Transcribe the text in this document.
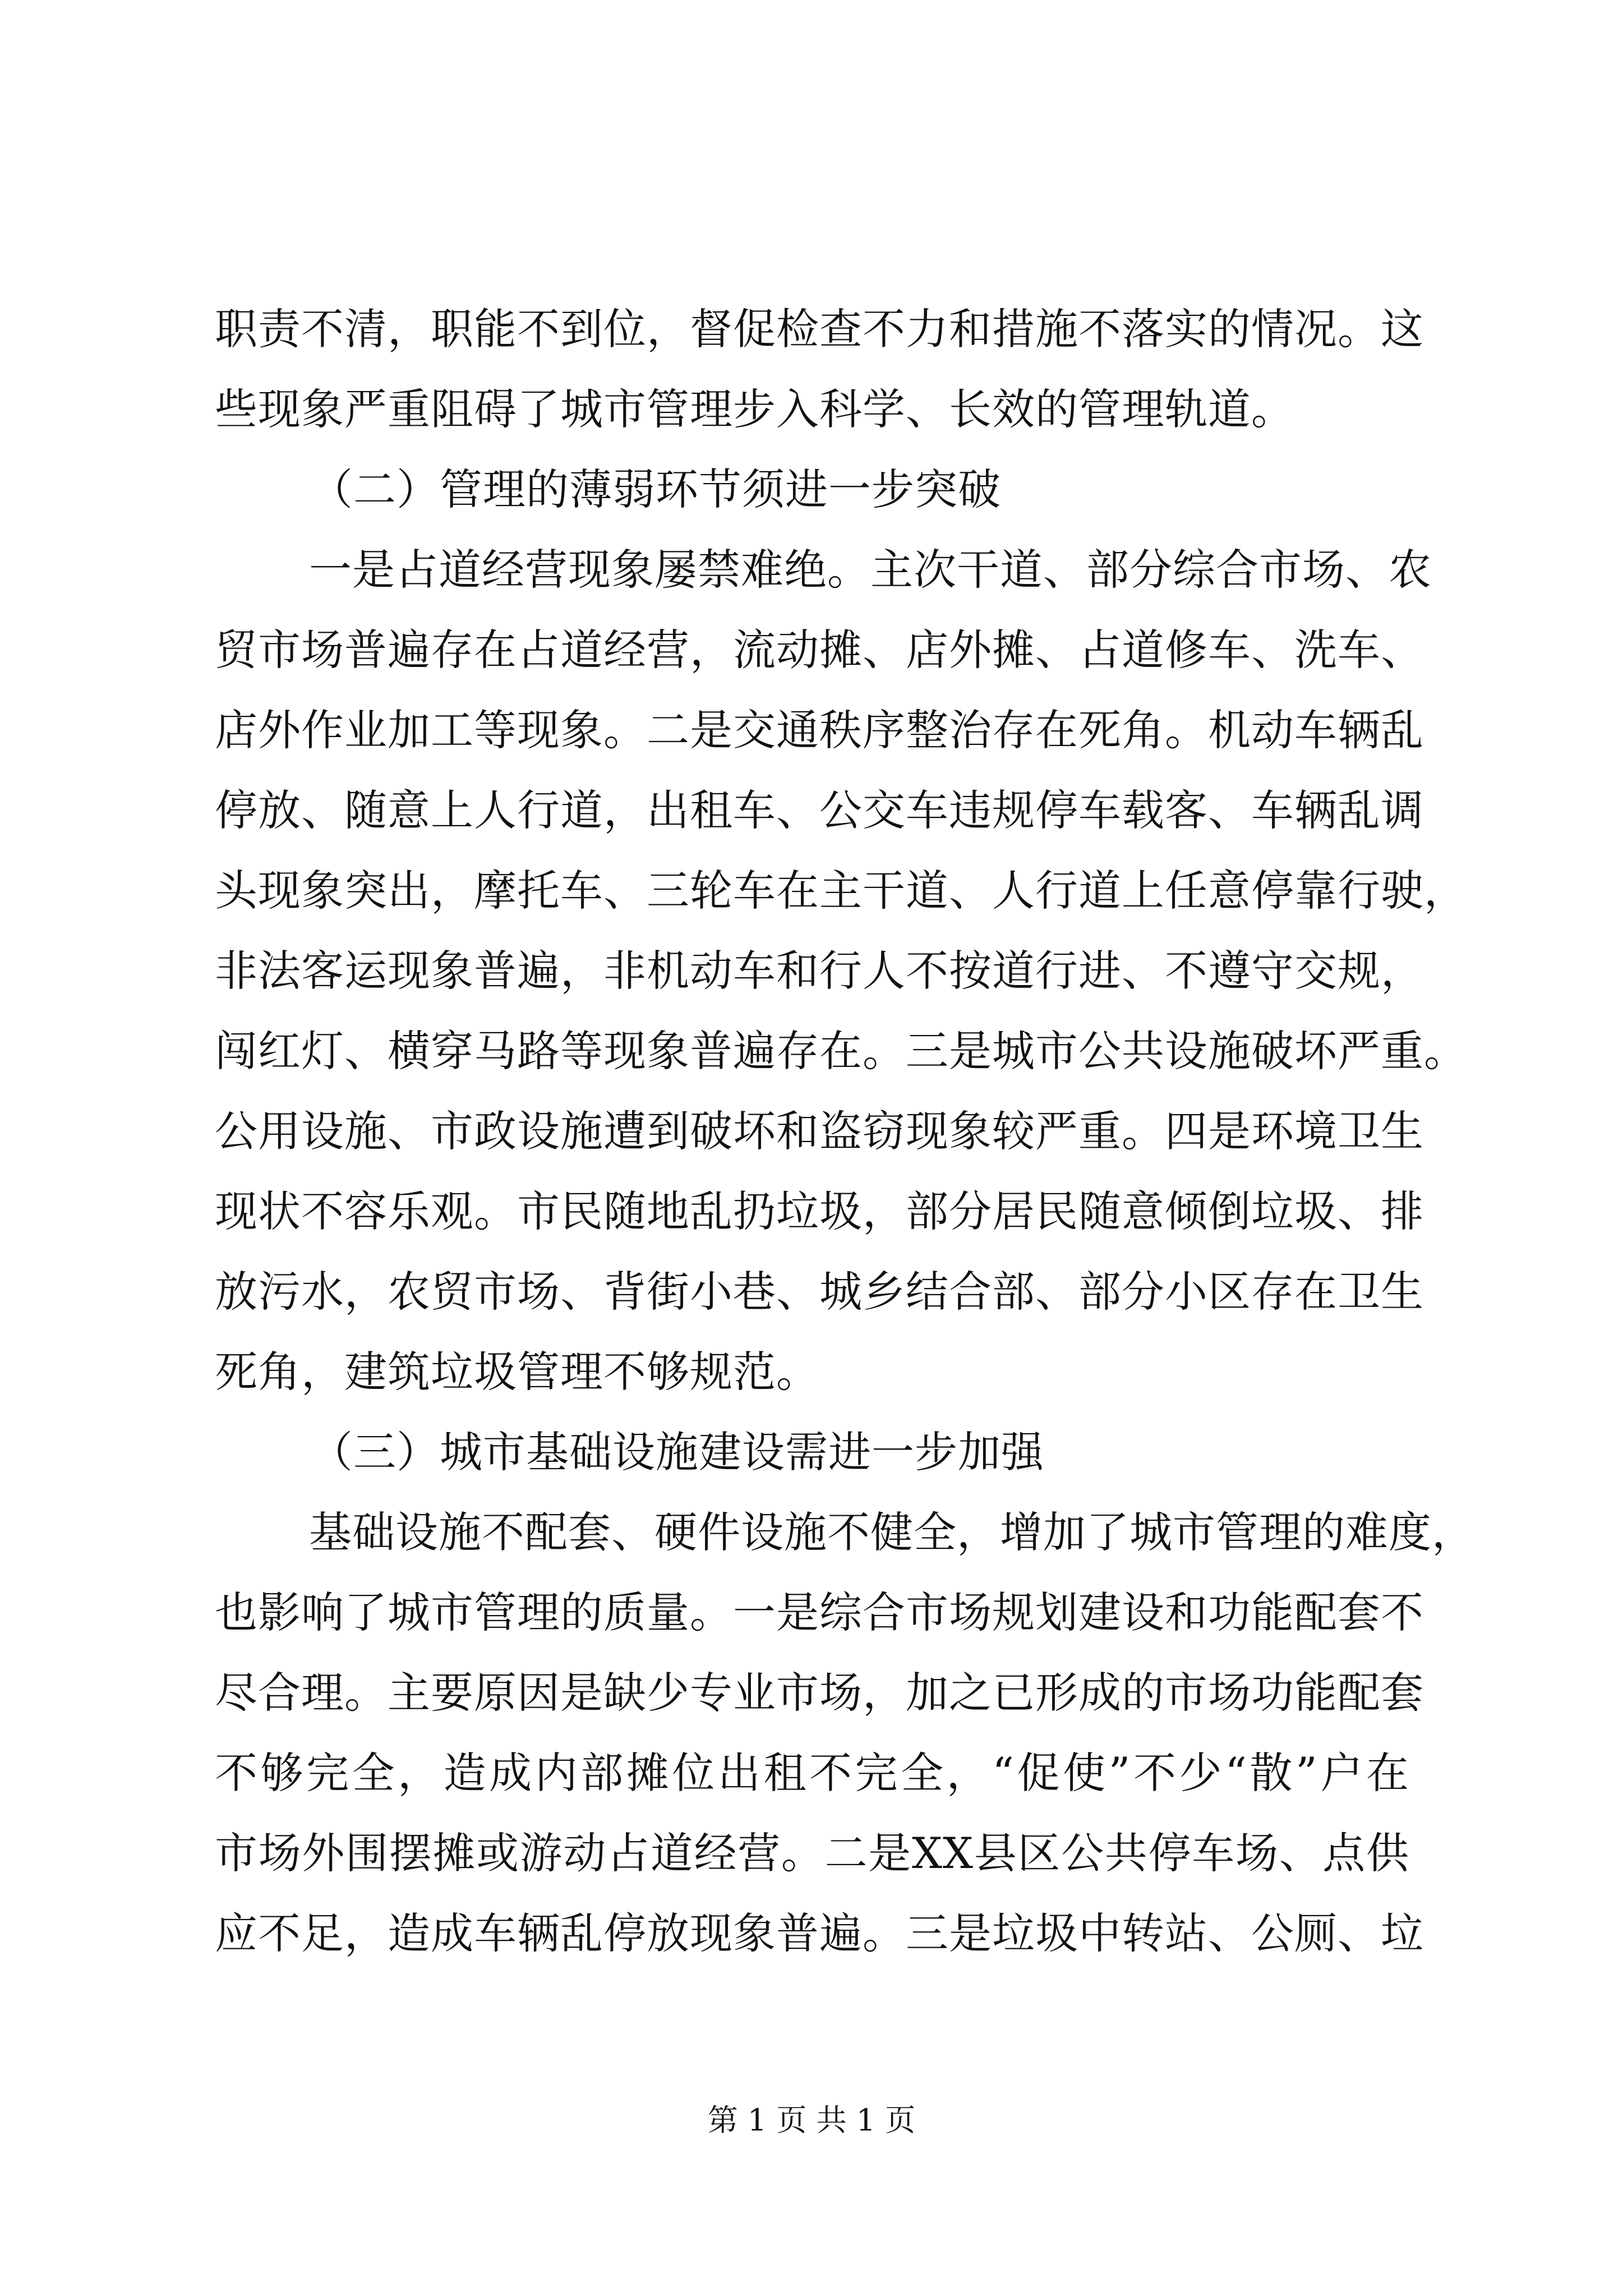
职责不清，职能不到位，督促检查不力和措施不落实的情况。这
些现象严重阻碍了城市管理步入科学、长效的管理轨道。
（二）管理的薄弱环节须进一步突破
一是占道经营现象屡禁难绝。主次干道、部分综合市场、农
贸市场普遍存在占道经营，流动摊、店外摊、占道修车、洗车、
店外作业加工等现象。二是交通秩序整治存在死角。机动车辆乱
停放、随意上人行道，出租车、公交车违规停车载客、车辆乱调
头现象突出，摩托车、三轮车在主干道、人行道上任意停靠行驶，
非法客运现象普遍，非机动车和行人不按道行进、不遵守交规，
闯红灯、横穿马路等现象普遍存在。三是城市公共设施破坏严重。
公用设施、市政设施遭到破坏和盗窃现象较严重。四是环境卫生
现状不容乐观。市民随地乱扔垃圾，部分居民随意倾倒垃圾、排
放污水，农贸市场、背街小巷、城乡结合部、部分小区存在卫生
死角，建筑垃圾管理不够规范。
（三）城市基础设施建设需进一步加强
基础设施不配套、硬件设施不健全，增加了城市管理的难度，
也影响了城市管理的质量。一是综合市场规划建设和功能配套不
尽合理。主要原因是缺少专业市场，加之已形成的市场功能配套
不够完全，造成内部摊位出租不完全，“促使”不少“散”户在
市场外围摆摊或游动占道经营。二是XX县区公共停车场、点供
应不足，造成车辆乱停放现象普遍。三是垃圾中转站、公厕、垃
第 1 页 共 1 页
